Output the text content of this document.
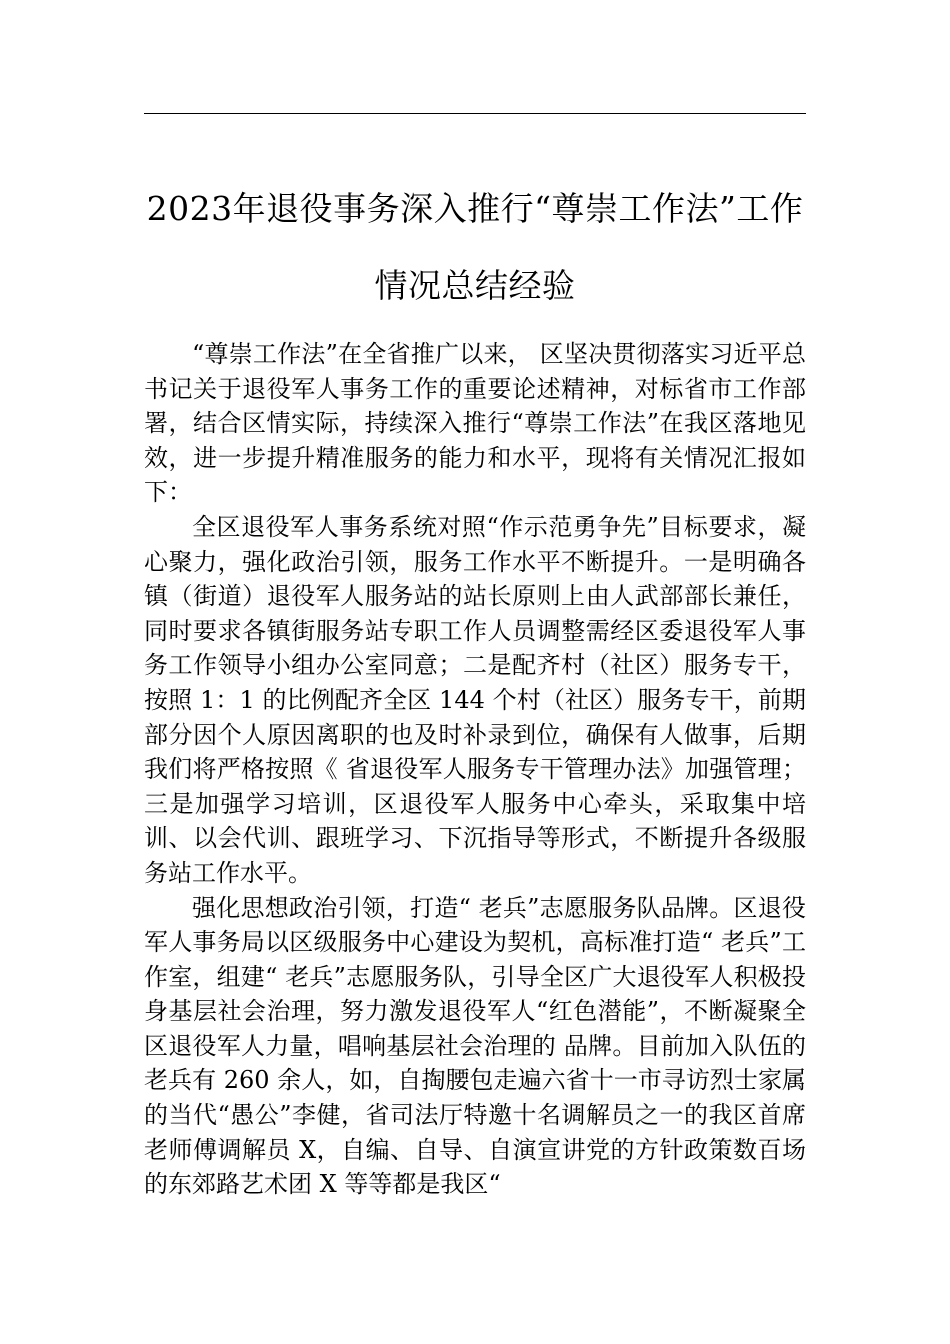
2023年退役事务深入推行“尊崇工作法”工作
情况总结经验

“尊崇工作法”在全省推广以来， 区坚决贯彻落实习近平总书记关于退役军人事务工作的重要论述精神，对标省市工作部署，结合区情实际，持续深入推行“尊崇工作法”在我区落地见效，进一步提升精准服务的能力和水平，现将有关情况汇报如下：

全区退役军人事务系统对照“作示范勇争先”目标要求，凝心聚力，强化政治引领，服务工作水平不断提升。一是明确各镇（街道）退役军人服务站的站长原则上由人武部部长兼任，同时要求各镇街服务站专职工作人员调整需经区委退役军人事务工作领导小组办公室同意；二是配齐村（社区）服务专干，按照 1：1 的比例配齐全区 144 个村（社区）服务专干，前期部分因个人原因离职的也及时补录到位，确保有人做事，后期我们将严格按照《 省退役军人服务专干管理办法》加强管理；三是加强学习培训，区退役军人服务中心牵头，采取集中培训、以会代训、跟班学习、下沉指导等形式，不断提升各级服务站工作水平。

强化思想政治引领，打造“ 老兵”志愿服务队品牌。区退役军人事务局以区级服务中心建设为契机，高标准打造“ 老兵”工作室，组建“ 老兵”志愿服务队，引导全区广大退役军人积极投身基层社会治理，努力激发退役军人“红色潜能”，不断凝聚全区退役军人力量，唱响基层社会治理的 品牌。目前加入队伍的老兵有 260 余人，如，自掏腰包走遍六省十一市寻访烈士家属的当代“愚公”李健，省司法厅特邀十名调解员之一的我区首席老师傅调解员 X，自编、自导、自演宣讲党的方针政策数百场的东郊路艺术团 X 等等都是我区“
